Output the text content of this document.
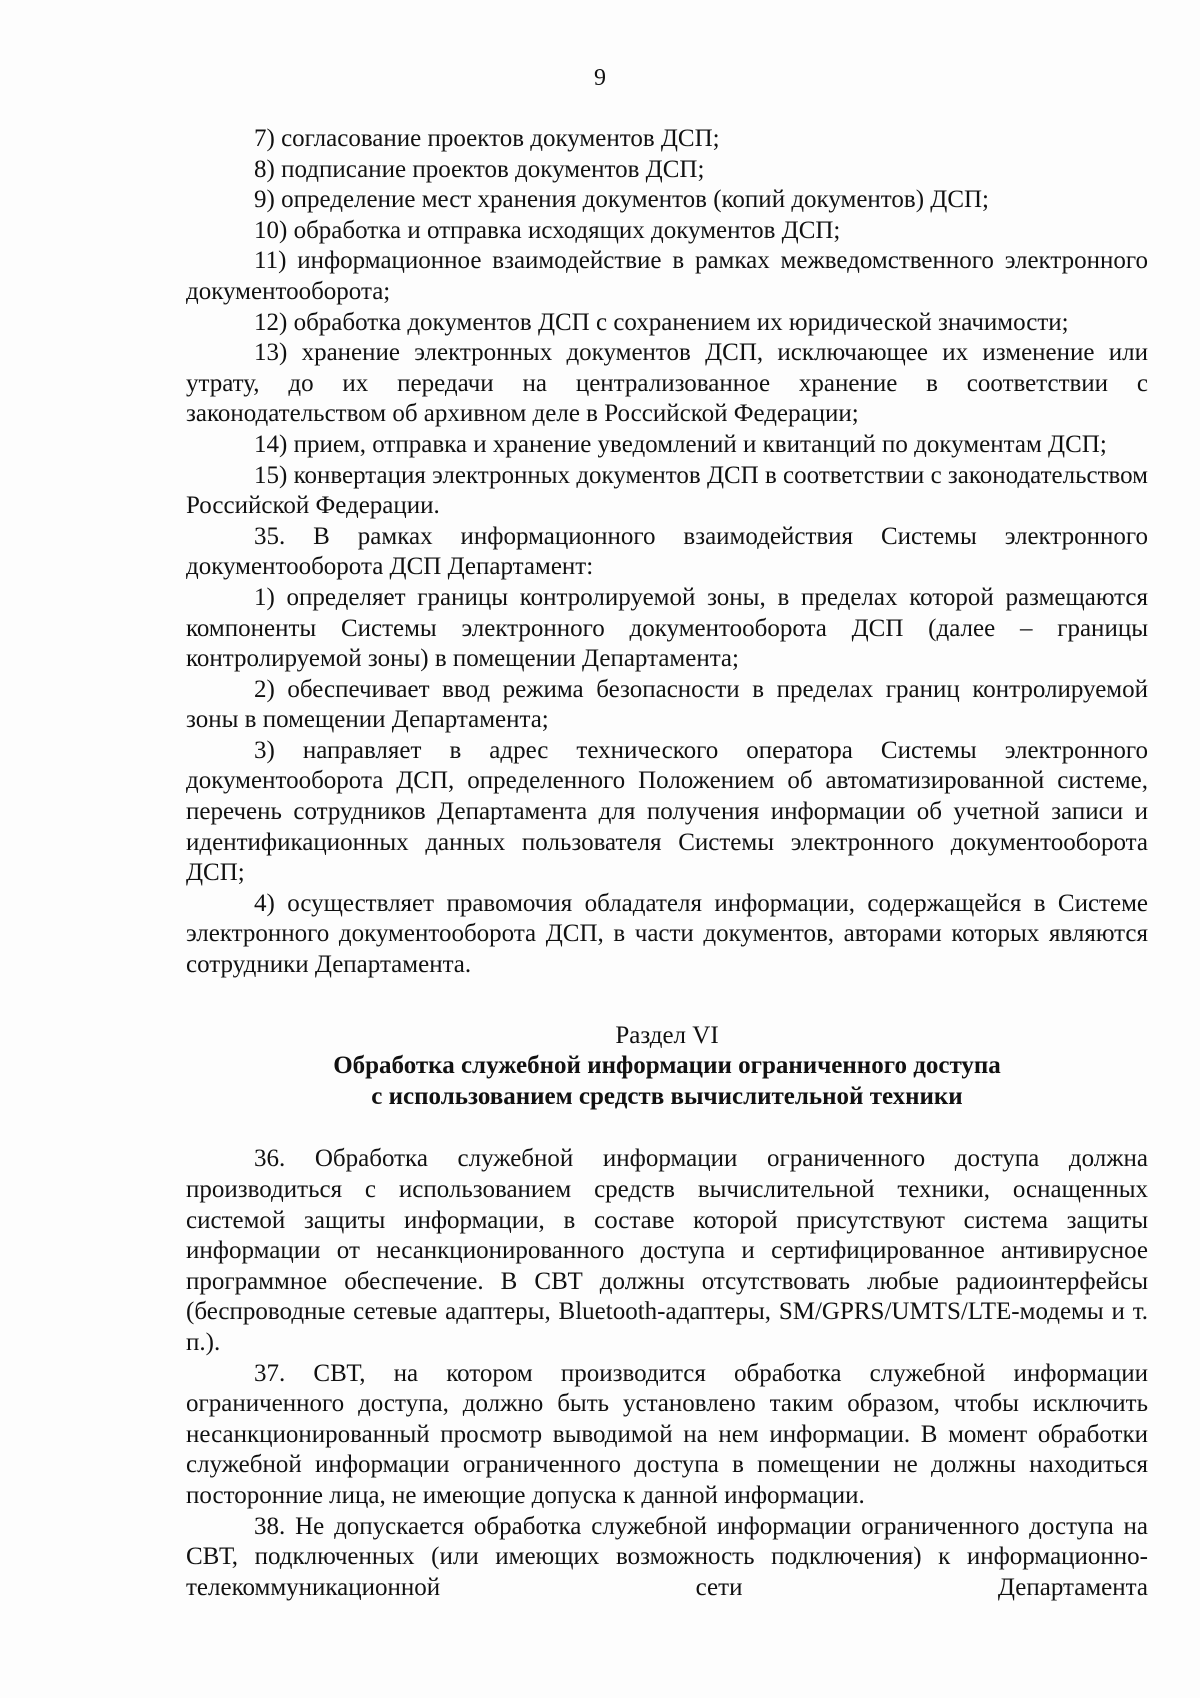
9

7) согласование проектов документов ДСП;

8) подписание проектов документов ДСП;

9) определение мест хранения документов (копий документов) ДСП;

10) обработка и отправка исходящих документов ДСП;

11) информационное взаимодействие в рамках межведомственного электронного документооборота;

12) обработка документов ДСП с сохранением их юридической значимости;

13) хранение электронных документов ДСП, исключающее их изменение или утрату, до их передачи на централизованное хранение в соответствии с законодательством об архивном деле в Российской Федерации;

14) прием, отправка и хранение уведомлений и квитанций по документам ДСП;

15) конвертация электронных документов ДСП в соответствии с законодательством Российской Федерации.

35. В рамках информационного взаимодействия Системы электронного документооборота ДСП Департамент:

1) определяет границы контролируемой зоны, в пределах которой размещаются компоненты Системы электронного документооборота ДСП (далее – границы контролируемой зоны) в помещении Департамента;

2) обеспечивает ввод режима безопасности в пределах границ контролируемой зоны в помещении Департамента;

3) направляет в адрес технического оператора Системы электронного документооборота ДСП, определенного Положением об автоматизированной системе, перечень сотрудников Департамента для получения информации об учетной записи и идентификационных данных пользователя Системы электронного документооборота ДСП;

4) осуществляет правомочия обладателя информации, содержащейся в Системе электронного документооборота ДСП, в части документов, авторами которых являются сотрудники Департамента.

Раздел VI
Обработка служебной информации ограниченного доступа
с использованием средств вычислительной техники

36. Обработка служебной информации ограниченного доступа должна производиться с использованием средств вычислительной техники, оснащенных системой защиты информации, в составе которой присутствуют система защиты информации от несанкционированного доступа и сертифицированное антивирусное программное обеспечение. В СВТ должны отсутствовать любые радиоинтерфейсы (беспроводные сетевые адаптеры, Bluetooth-адаптеры, SM/GPRS/UMTS/LTE-модемы и т. п.).

37. СВТ, на котором производится обработка служебной информации ограниченного доступа, должно быть установлено таким образом, чтобы исключить несанкционированный просмотр выводимой на нем информации. В момент обработки служебной информации ограниченного доступа в помещении не должны находиться посторонние лица, не имеющие допуска к данной информации.

38. Не допускается обработка служебной информации ограниченного доступа на СВТ, подключенных (или имеющих возможность подключения) к информационно-телекоммуникационной сети Департамента
